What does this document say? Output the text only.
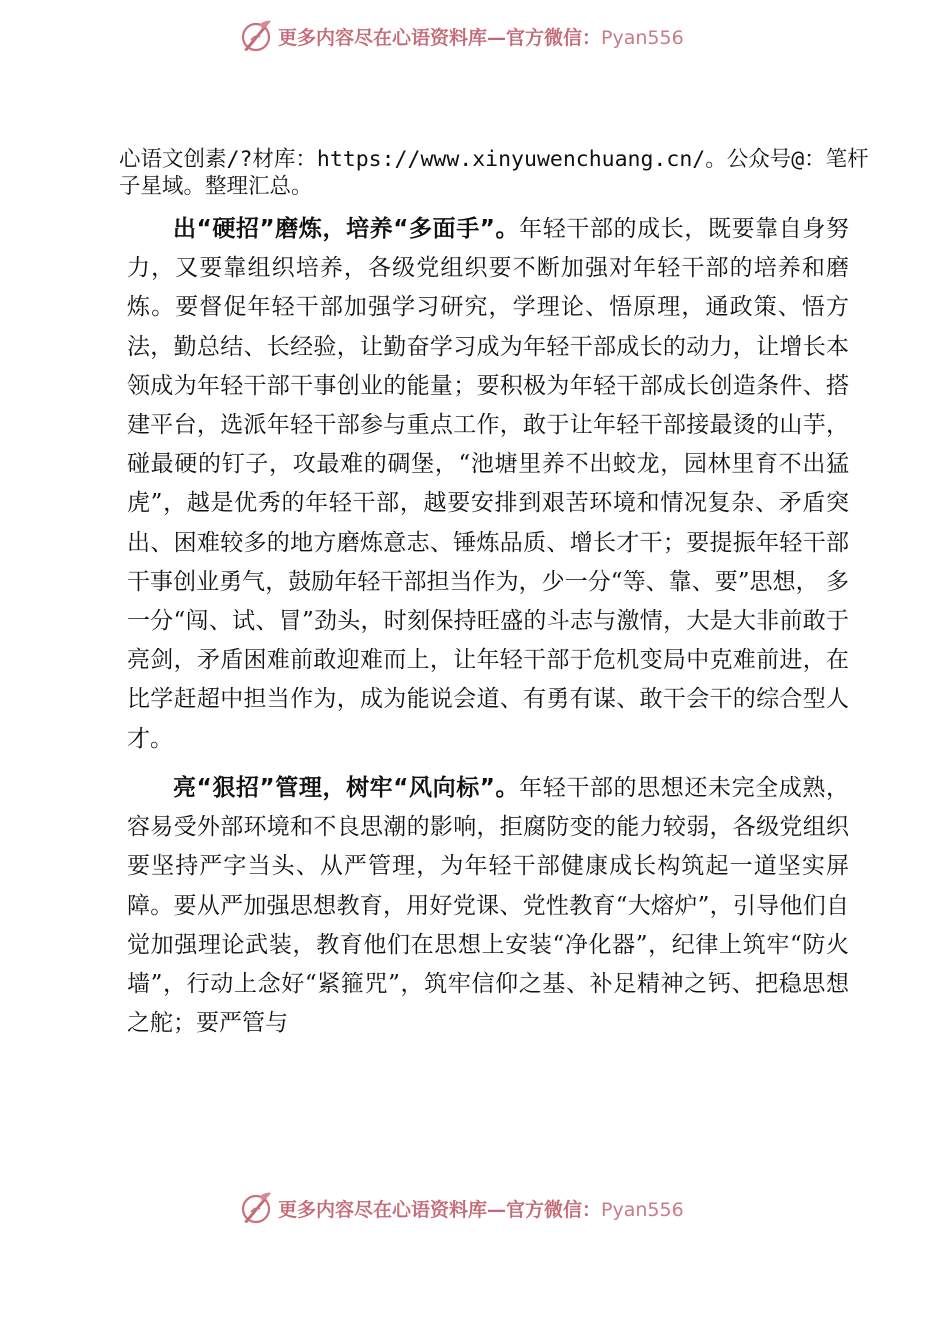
更多内容尽在心语资料库—官方微信：Pyan556
心语文创素/?材库：https://www.xinyuwenchuang.cn/。公众号@：笔杆子星域。整理汇总。

出“硬招”磨炼，培养“多面手”。年轻干部的成长，既要靠自身努力，又要靠组织培养，各级党组织要不断加强对年轻干部的培养和磨炼。要督促年轻干部加强学习研究，学理论、悟原理，通政策、悟方法，勤总结、长经验，让勤奋学习成为年轻干部成长的动力，让增长本领成为年轻干部干事创业的能量；要积极为年轻干部成长创造条件、搭建平台，选派年轻干部参与重点工作，敢于让年轻干部接最烫的山芋，碰最硬的钉子，攻最难的碉堡，“池塘里养不出蛟龙，园林里育不出猛虎”，越是优秀的年轻干部，越要安排到艰苦环境和情况复杂、矛盾突出、困难较多的地方磨炼意志、锤炼品质、增长才干；要提振年轻干部干事创业勇气，鼓励年轻干部担当作为，少一分“等、靠、要”思想， 多一分“闯、试、冒”劲头，时刻保持旺盛的斗志与激情，大是大非前敢于亮剑，矛盾困难前敢迎难而上，让年轻干部于危机变局中克难前进，在比学赶超中担当作为，成为能说会道、有勇有谋、敢干会干的综合型人才。

亮“狠招”管理，树牢“风向标”。年轻干部的思想还未完全成熟，容易受外部环境和不良思潮的影响，拒腐防变的能力较弱，各级党组织要坚持严字当头、从严管理，为年轻干部健康成长构筑起一道坚实屏障。要从严加强思想教育，用好党课、党性教育“大熔炉”，引导他们自觉加强理论武装，教育他们在思想上安装“净化器”，纪律上筑牢“防火墙”，行动上念好“紧箍咒”，筑牢信仰之基、补足精神之钙、把稳思想之舵；要严管与

更多内容尽在心语资料库—官方微信：Pyan556
